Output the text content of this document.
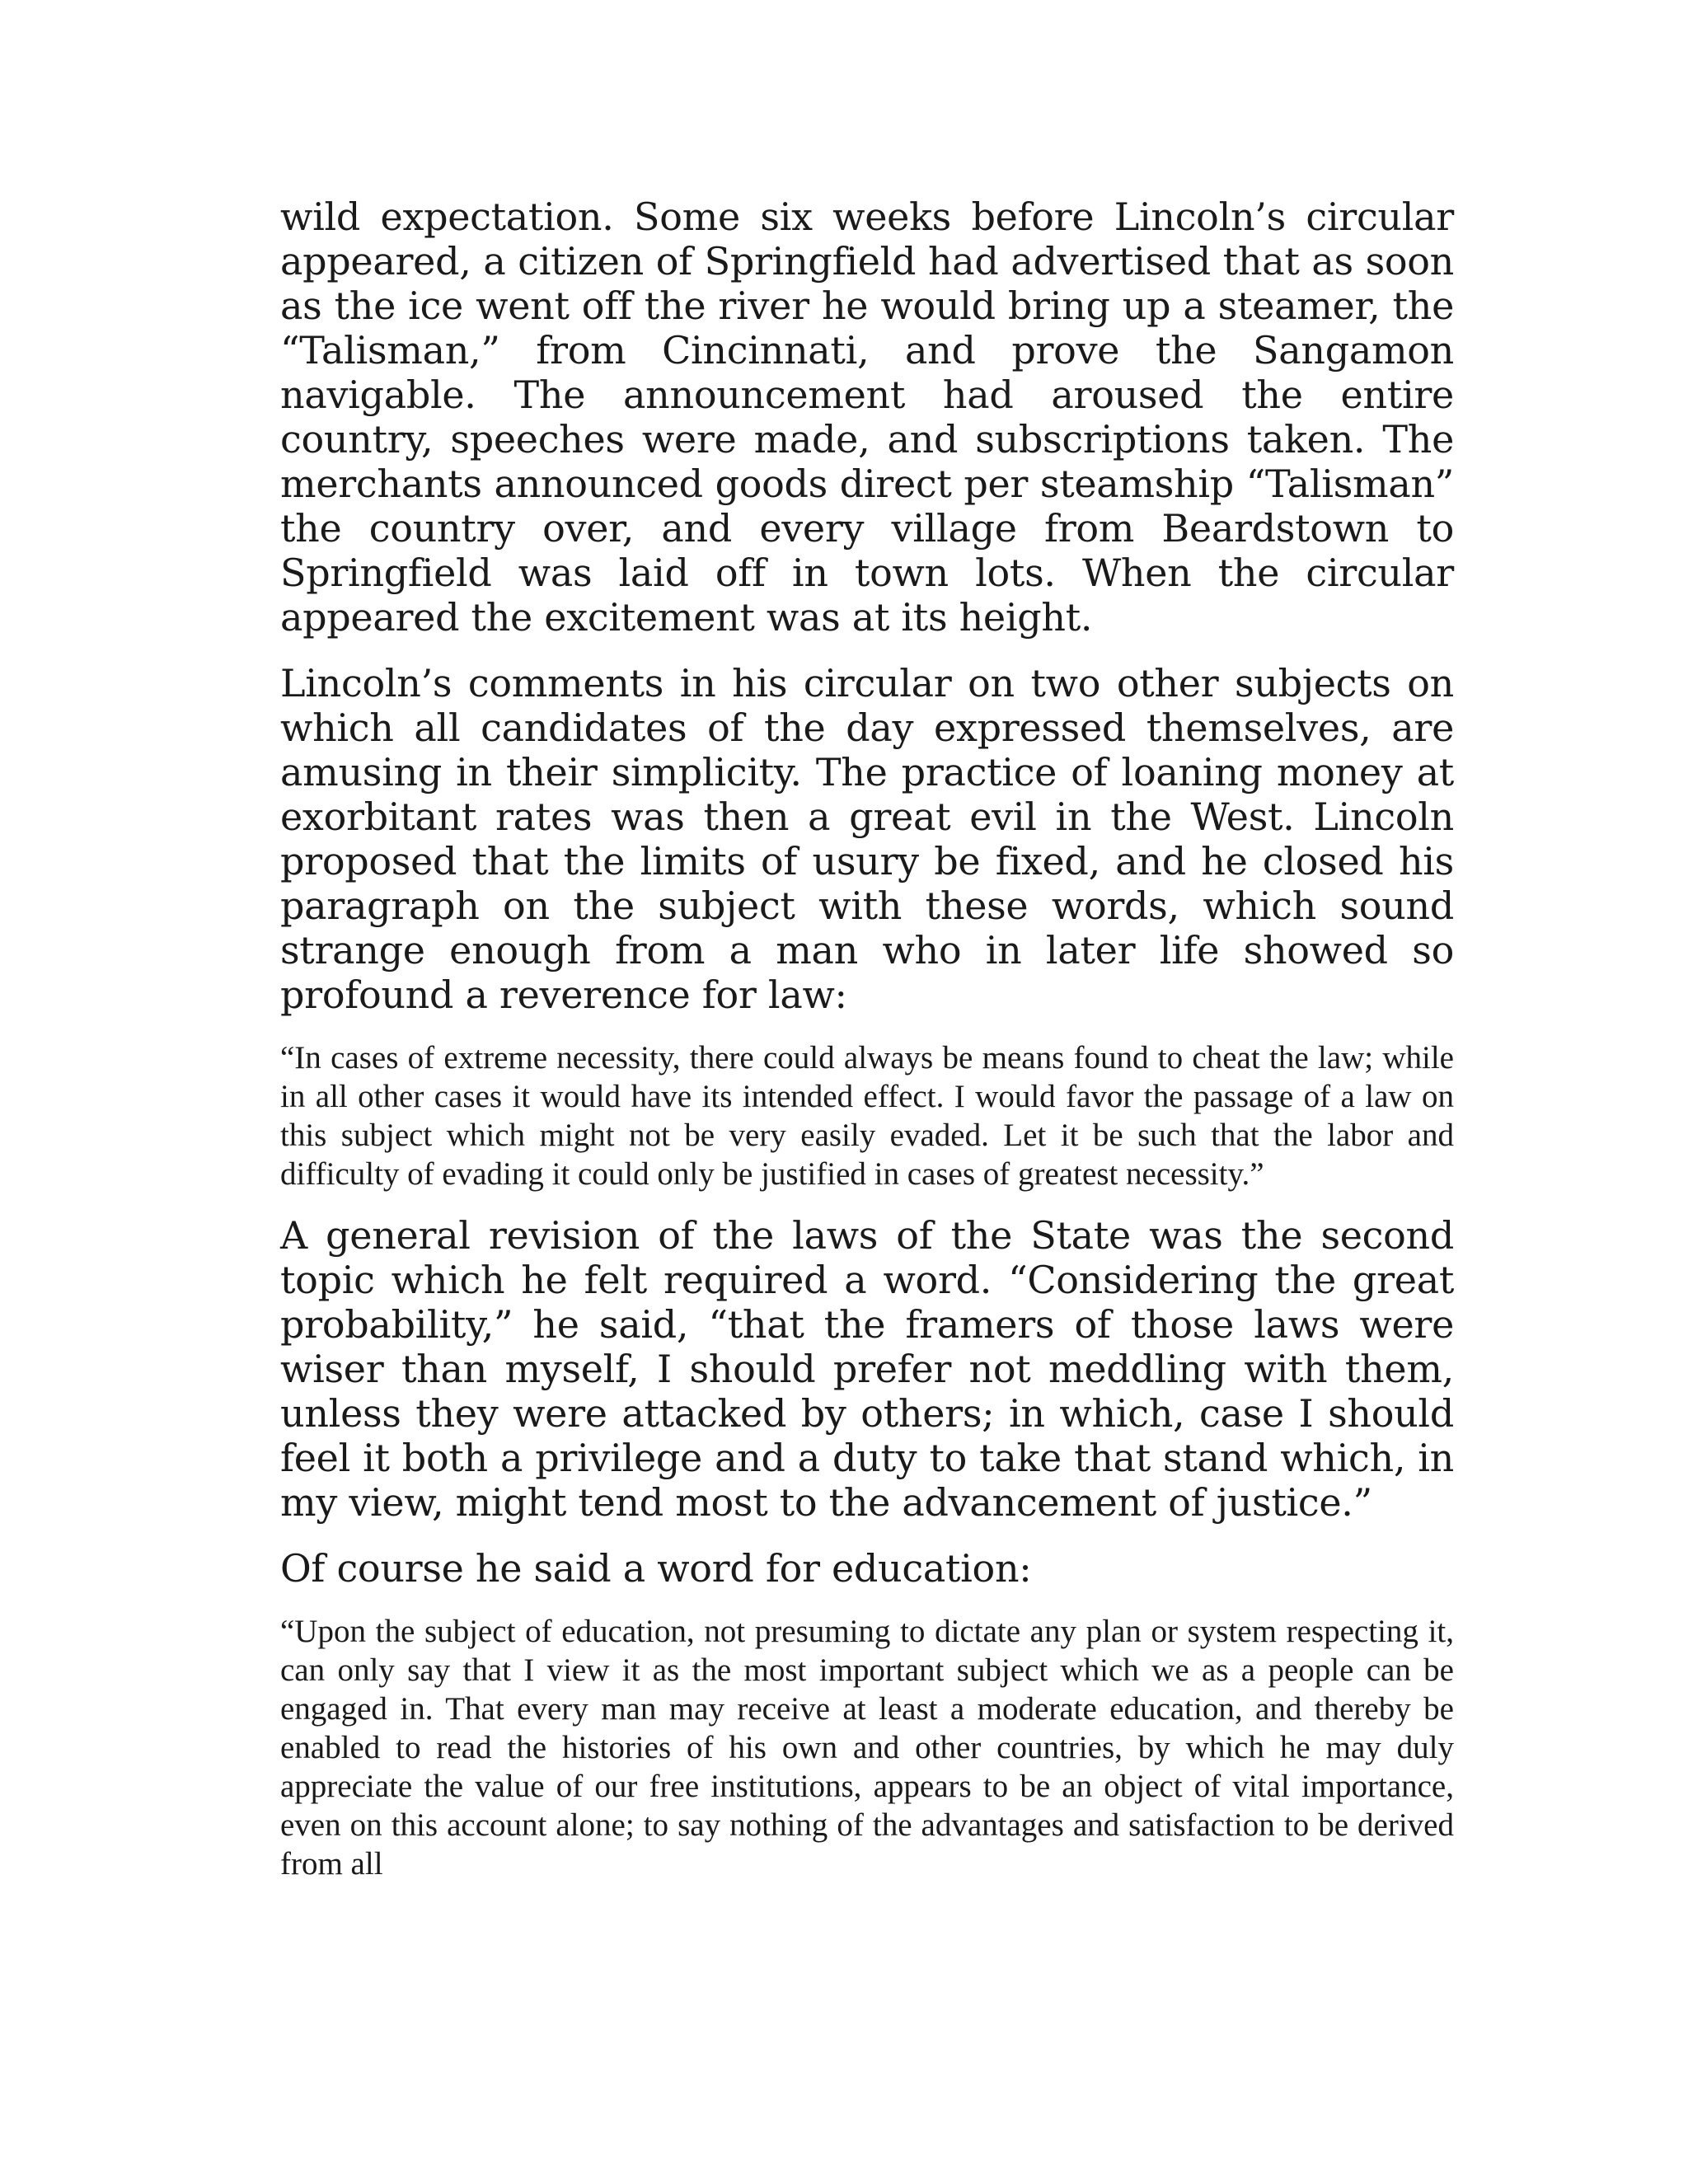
wild expectation. Some six weeks before Lincoln’s circular appeared, a citizen of Springfield had advertised that as soon as the ice went off the river he would bring up a steamer, the “Talisman,” from Cincinnati, and prove the Sangamon navigable. The announcement had aroused the entire country, speeches were made, and subscriptions taken. The merchants announced goods direct per steamship “Talisman” the country over, and every village from Beardstown to Springfield was laid off in town lots. When the circular appeared the excitement was at its height.

Lincoln’s comments in his circular on two other subjects on which all candidates of the day expressed themselves, are amusing in their simplicity. The practice of loaning money at exorbitant rates was then a great evil in the West. Lincoln proposed that the limits of usury be fixed, and he closed his paragraph on the subject with these words, which sound strange enough from a man who in later life showed so profound a reverence for law:

“In cases of extreme necessity, there could always be means found to cheat the law; while in all other cases it would have its intended effect. I would favor the passage of a law on this subject which might not be very easily evaded. Let it be such that the labor and difficulty of evading it could only be justified in cases of greatest necessity.”

A general revision of the laws of the State was the second topic which he felt required a word. “Considering the great probability,” he said, “that the framers of those laws were wiser than myself, I should prefer not meddling with them, unless they were attacked by others; in which, case I should feel it both a privilege and a duty to take that stand which, in my view, might tend most to the advancement of justice.”

Of course he said a word for education:

“Upon the subject of education, not presuming to dictate any plan or system respecting it, can only say that I view it as the most important subject which we as a people can be engaged in. That every man may receive at least a moderate education, and thereby be enabled to read the histories of his own and other countries, by which he may duly appreciate the value of our free institutions, appears to be an object of vital importance, even on this account alone; to say nothing of the advantages and satisfaction to be derived from all
